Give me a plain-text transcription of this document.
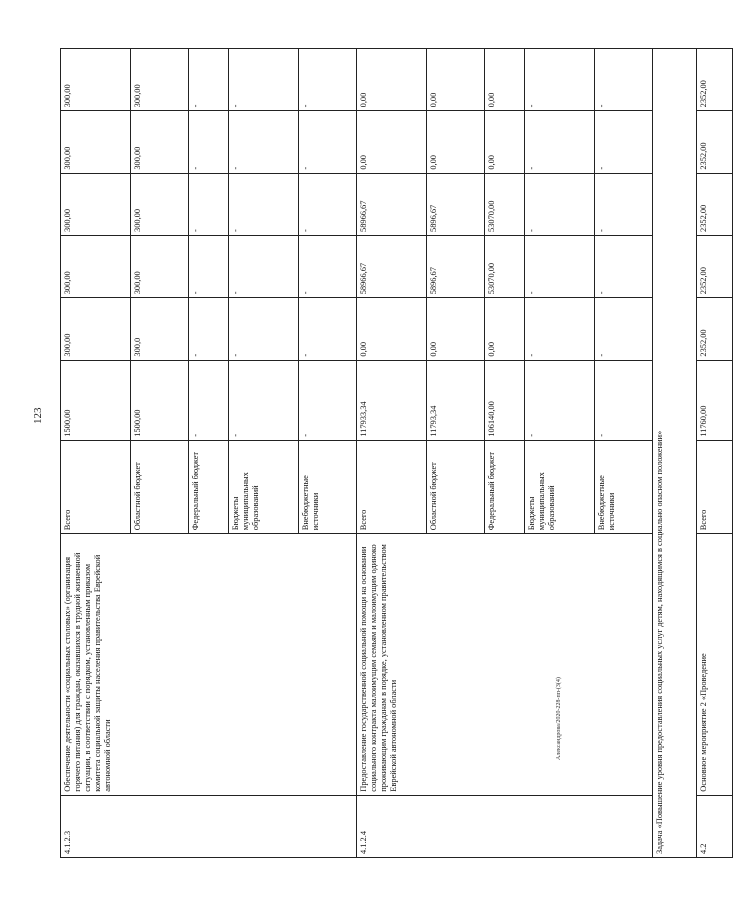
123
Александрова/2020-228-пп-(3(4)
4.1.2.3	Обеспечение деятельности «социальных столовых» (организация горячего питания) для граждан, оказавшихся в трудной жизненной ситуации, в соответствии с порядком, установленным приказом комитета социальной защиты населения правительства Еврейской автономной области	Всего	1500,00	300,00	300,00	300,00	300,00	300,00
		Областной бюджет	1500,00	300,0	300,00	300,00	300,00	300,00
		Федеральный бюджет	-	-	-	-	-	-
		Бюджеты муниципальных образований	-	-	-	-	-	-
		Внебюджетные источники	-	-	-	-	-	-
4.1.2.4	Предоставление государственной социальной помощи на основании социального контракта малоимущим семьям и малоимущим одиноко проживающим гражданам в порядке, установленном правительством Еврейской автономной области	Всего	117933,34	0,00	58966,67	58966,67	0,00	0,00
		Областной бюджет	11793,34	0,00	5896,67	5896,67	0,00	0,00
		Федеральный бюджет	106140,00	0,00	53070,00	53070,00	0,00	0,00
		Бюджеты муниципальных образований	-	-	-	-	-	-
		Внебюджетные источники	-	-	-	-	-	-
Задача «Повышение уровня предоставления социальных услуг детям, находящимся в социально опасном положении»								
4.2	Основное мероприятие 2 «Проведение	Всего	11760,00	2352,00	2352,00	2352,00	2352,00	2352,00
